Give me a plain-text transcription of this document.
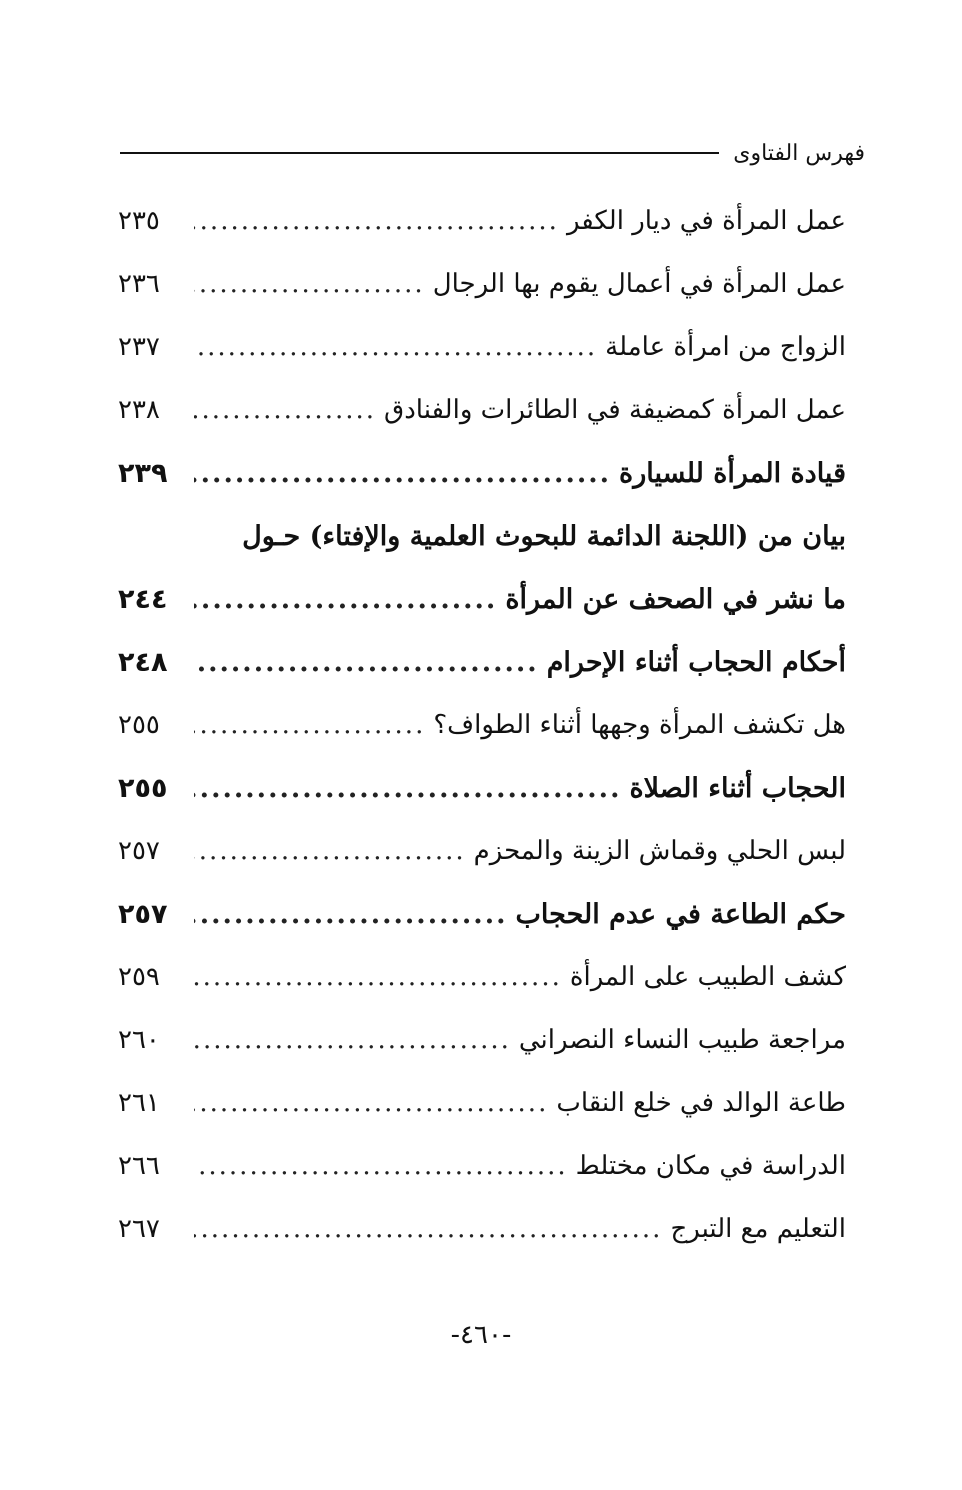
فهرس الفتاوى
عمل المرأة في ديار الكفر
.....
٢٣٥
عمل المرأة في أعمال يقوم بها الرجال
.....
٢٣٦
الزواج من امرأة عاملة
.....
٢٣٧
عمل المرأة كمضيفة في الطائرات والفنادق
.....
٢٣٨
قيادة المرأة للسيارة
.....
٢٣٩
بيان من (اللجنة الدائمة للبحوث العلمية والإفتاء) حـول
ما نشر في الصحف عن المرأة
.....
٢٤٤
أحكام الحجاب أثناء الإحرام
.....
٢٤٨
هل تكشف المرأة وجهها أثناء الطواف؟
.....
٢٥٥
الحجاب أثناء الصلاة
.....
٢٥٥
لبس الحلي وقماش الزينة والمحزم
.....
٢٥٧
حكم الطاعة في عدم الحجاب
.....
٢٥٧
كشف الطبيب على المرأة
.....
٢٥٩
مراجعة طبيب النساء النصراني
.....
٢٦٠
طاعة الوالد في خلع النقاب
.....
٢٦١
الدراسة في مكان مختلط
.....
٢٦٦
التعليم مع التبرج
.....
٢٦٧
-٤٦٠-
